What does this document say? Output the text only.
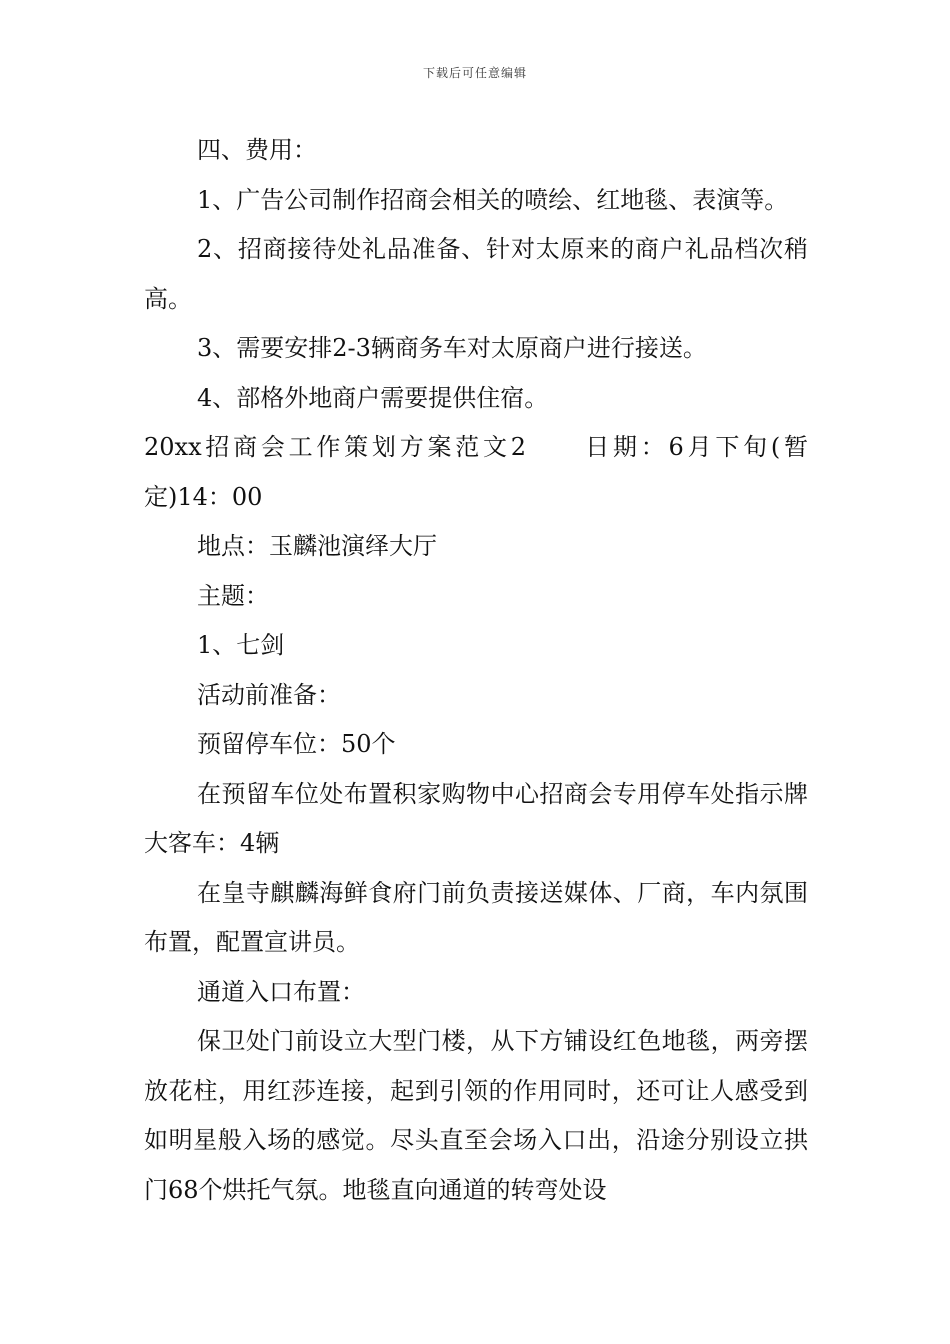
下载后可任意编辑

四、费用：

1、广告公司制作招商会相关的喷绘、红地毯、表演等。

2、招商接待处礼品准备、针对太原来的商户礼品档次稍高。

3、需要安排2-3辆商务车对太原商户进行接送。

4、部格外地商户需要提供住宿。

20xx招商会工作策划方案范文2　　日期：6月下旬(暂定)14：00

地点：玉麟池演绎大厅

主题：

1、七剑

活动前准备：

预留停车位：50个

在预留车位处布置积家购物中心招商会专用停车处指示牌大客车：4辆

在皇寺麒麟海鲜食府门前负责接送媒体、厂商，车内氛围布置，配置宣讲员。

通道入口布置：

保卫处门前设立大型门楼，从下方铺设红色地毯，两旁摆放花柱，用红莎连接，起到引领的作用同时，还可让人感受到如明星般入场的感觉。尽头直至会场入口出，沿途分别设立拱门68个烘托气氛。地毯直向通道的转弯处设
